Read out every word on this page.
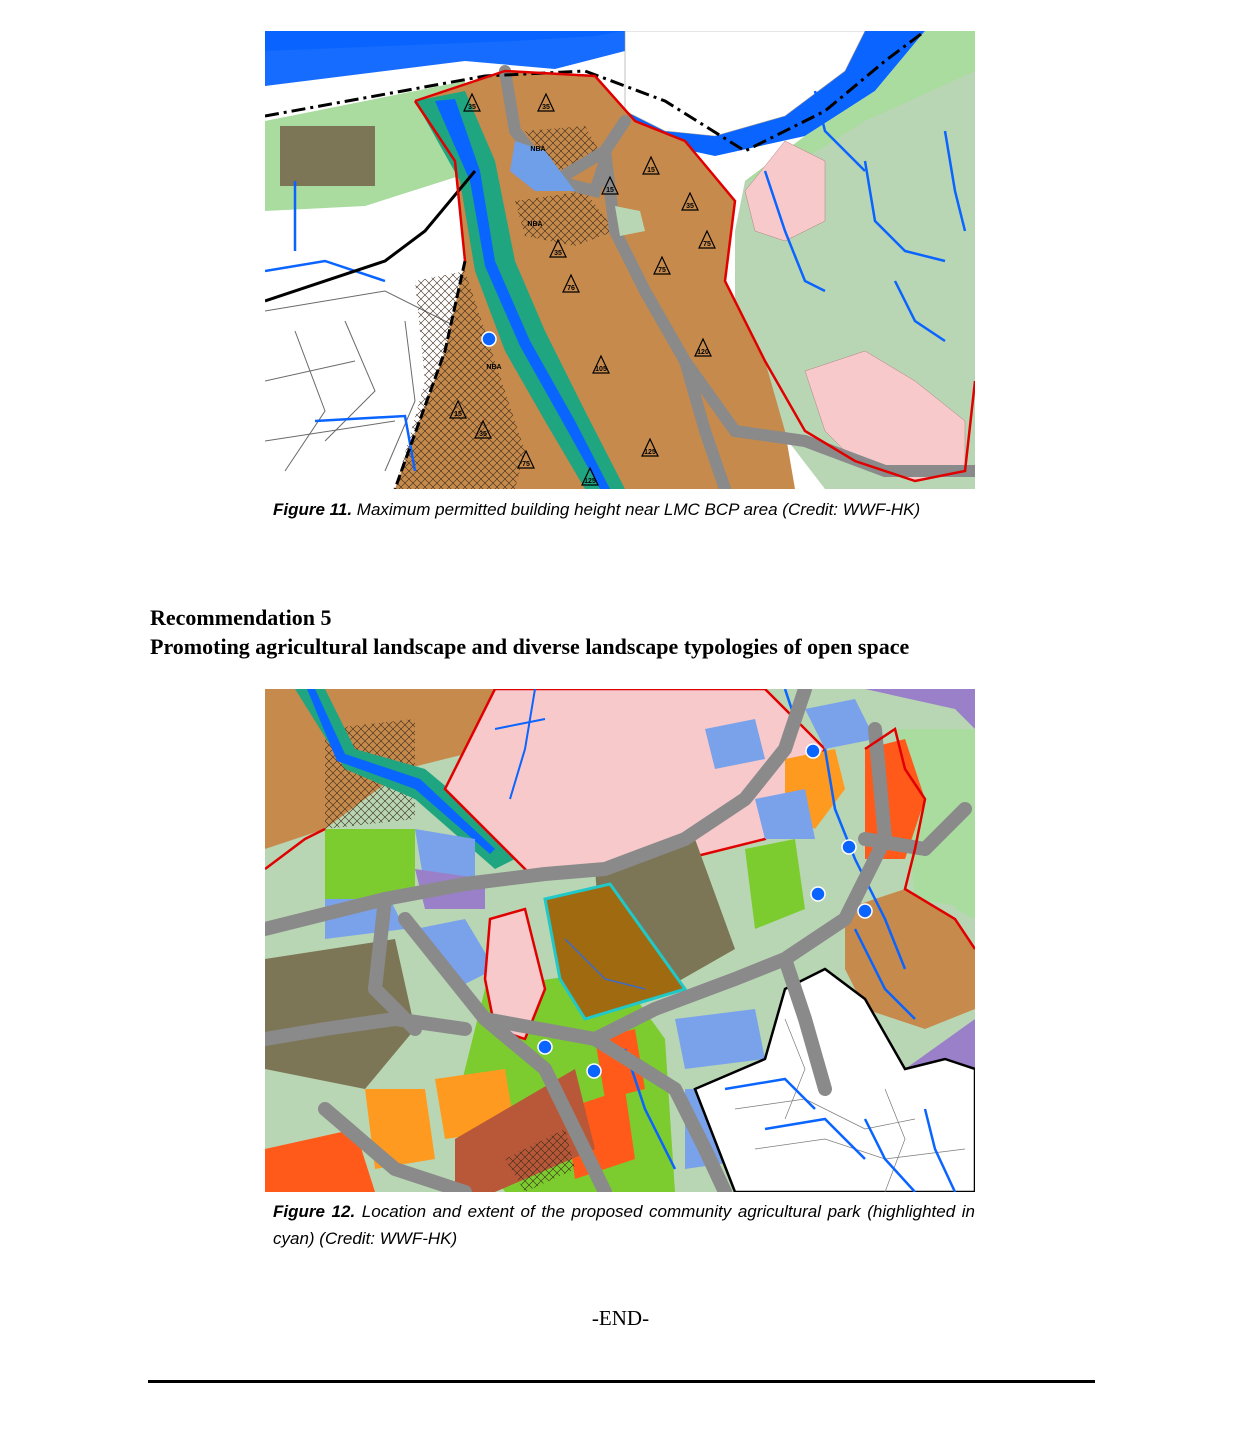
35	35
15
15
35
75
35
75
76
120
105
15
35
75
125
125
NBA
NBA
NBA
Figure 11. Maximum permitted building height near LMC BCP area (Credit: WWF-HK)
Recommendation 5
Promoting agricultural landscape and diverse landscape typologies of open space
Figure 12. Location and extent of the proposed community agricultural park (highlighted in cyan) (Credit: WWF-HK)
-END-
